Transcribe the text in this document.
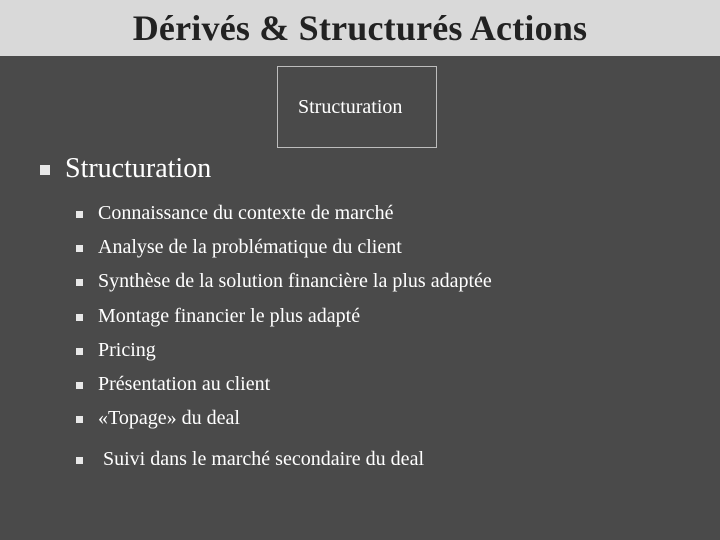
Dérivés & Structurés Actions
Structuration
Structuration
Connaissance du contexte de marché
Analyse de la problématique du client
Synthèse de la solution financière la plus adaptée
Montage financier le plus adapté
Pricing
Présentation au client
«Topage» du deal
Suivi dans le marché secondaire du deal
